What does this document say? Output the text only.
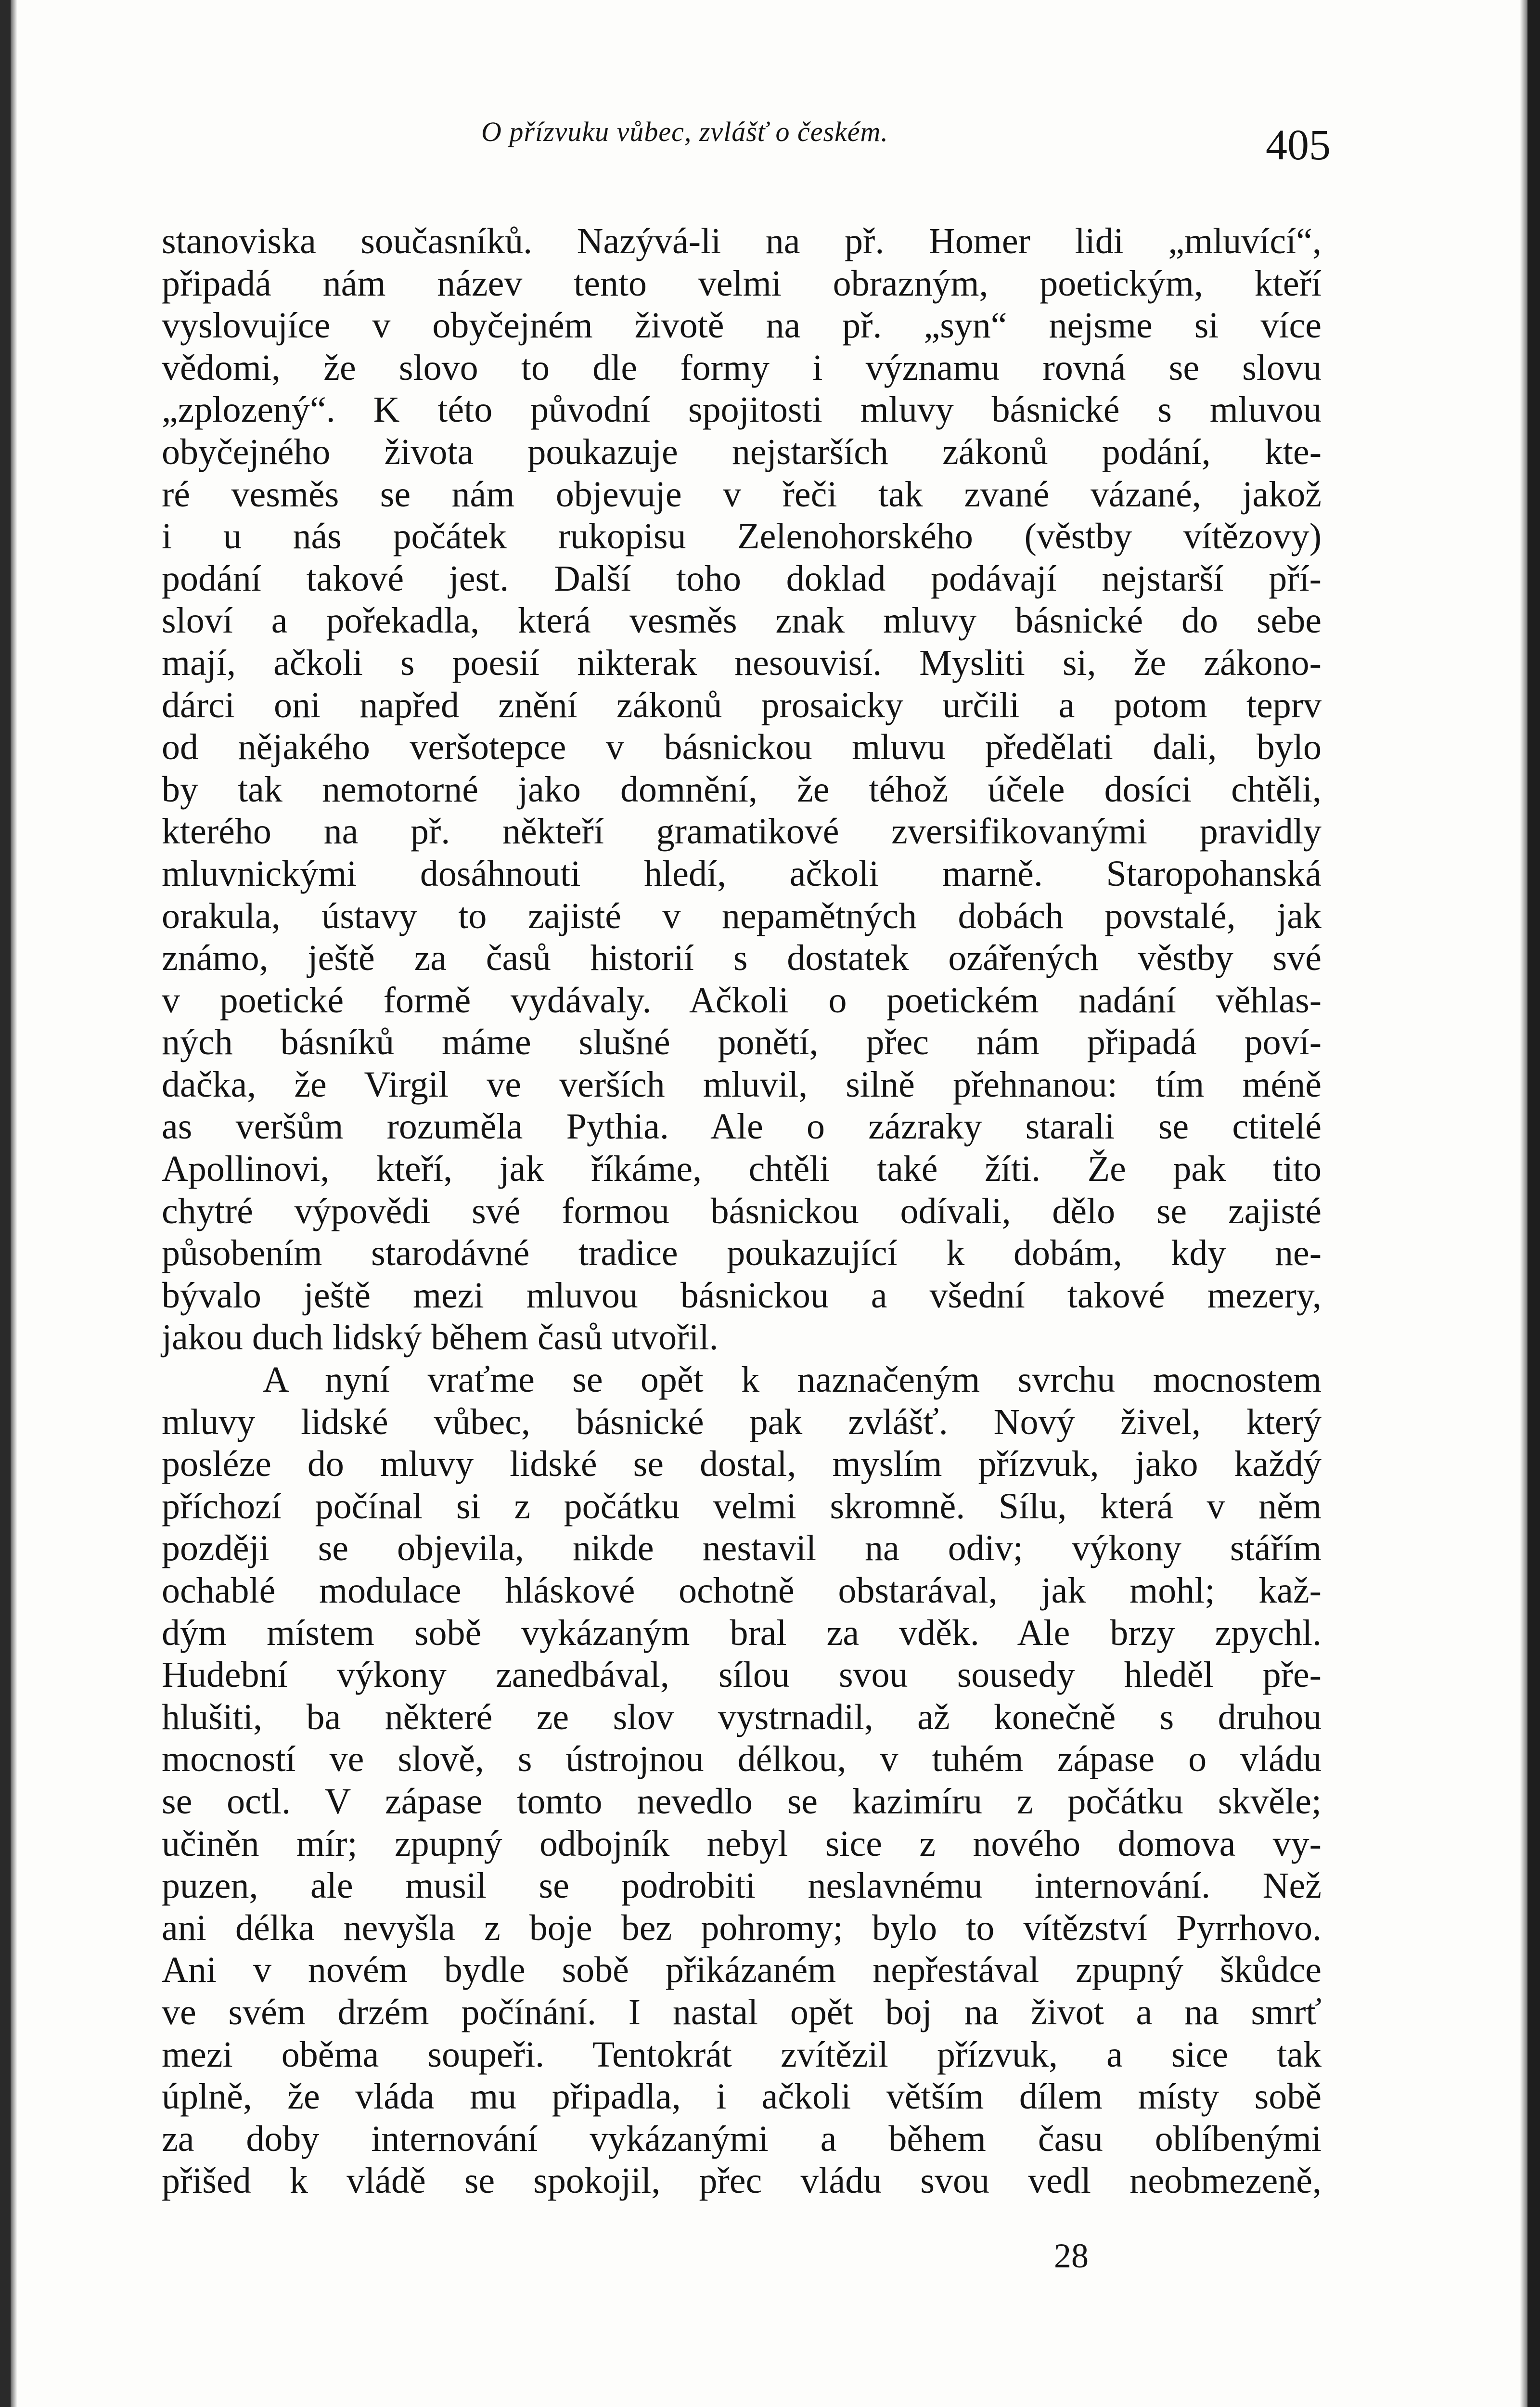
O přízvuku vůbec, zvlášť o českém.	405
stanoviska současníků. Nazývá-li na př. Homer lidi „mluvící“,
připadá nám název tento velmi obrazným, poetickým, kteří
vyslovujíce v obyčejném životě na př. „syn“ nejsme si více
vědomi, že slovo to dle formy i významu rovná se slovu
„zplozený“. K této původní spojitosti mluvy básnické s mluvou
obyčejného života poukazuje nejstarších zákonů podání, kte-
ré vesměs se nám objevuje v řeči tak zvané vázané, jakož
i u nás počátek rukopisu Zelenohorského (věstby vítězovy)
podání takové jest. Další toho doklad podávají nejstarší pří-
sloví a pořekadla, která vesměs znak mluvy básnické do sebe
mají, ačkoli s poesií nikterak nesouvisí. Mysliti si, že zákono-
dárci oni napřed znění zákonů prosaicky určili a potom teprv
od nějakého veršotepce v básnickou mluvu předělati dali, bylo
by tak nemotorné jako domnění, že téhož účele dosíci chtěli,
kterého na př. někteří gramatikové zversifikovanými pravidly
mluvnickými dosáhnouti hledí, ačkoli marně. Staropohanská
orakula, ústavy to zajisté v nepamětných dobách povstalé, jak
známo, ještě za časů historií s dostatek ozářených věstby své
v poetické formě vydávaly. Ačkoli o poetickém nadání věhlas-
ných básníků máme slušné ponětí, přec nám připadá poví-
dačka, že Virgil ve verších mluvil, silně přehnanou: tím méně
as veršům rozuměla Pythia. Ale o zázraky starali se ctitelé
Apollinovi, kteří, jak říkáme, chtěli také žíti. Že pak tito
chytré výpovědi své formou básnickou odívali, dělo se zajisté
působením starodávné tradice poukazující k dobám, kdy ne-
bývalo ještě mezi mluvou básnickou a všední takové mezery,
jakou duch lidský během časů utvořil.
A nyní vraťme se opět k naznačeným svrchu mocnostem
mluvy lidské vůbec, básnické pak zvlášť. Nový živel, který
posléze do mluvy lidské se dostal, myslím přízvuk, jako každý
příchozí počínal si z počátku velmi skromně. Sílu, která v něm
později se objevila, nikde nestavil na odiv; výkony stářím
ochablé modulace hláskové ochotně obstarával, jak mohl; kaž-
dým místem sobě vykázaným bral za vděk. Ale brzy zpychl.
Hudební výkony zanedbával, sílou svou sousedy hleděl pře-
hlušiti, ba některé ze slov vystrnadil, až konečně s druhou
mocností ve slově, s ústrojnou délkou, v tuhém zápase o vládu
se octl. V zápase tomto nevedlo se kazimíru z počátku skvěle;
učiněn mír; zpupný odbojník nebyl sice z nového domova vy-
puzen, ale musil se podrobiti neslavnému internování. Než
ani délka nevyšla z boje bez pohromy; bylo to vítězství Pyrrhovo.
Ani v novém bydle sobě přikázaném nepřestával zpupný škůdce
ve svém drzém počínání. I nastal opět boj na život a na smrť
mezi oběma soupeři. Tentokrát zvítězil přízvuk, a sice tak
úplně, že vláda mu připadla, i ačkoli větším dílem místy sobě
za doby internování vykázanými a během času oblíbenými
přišed k vládě se spokojil, přec vládu svou vedl neobmezeně,
28
